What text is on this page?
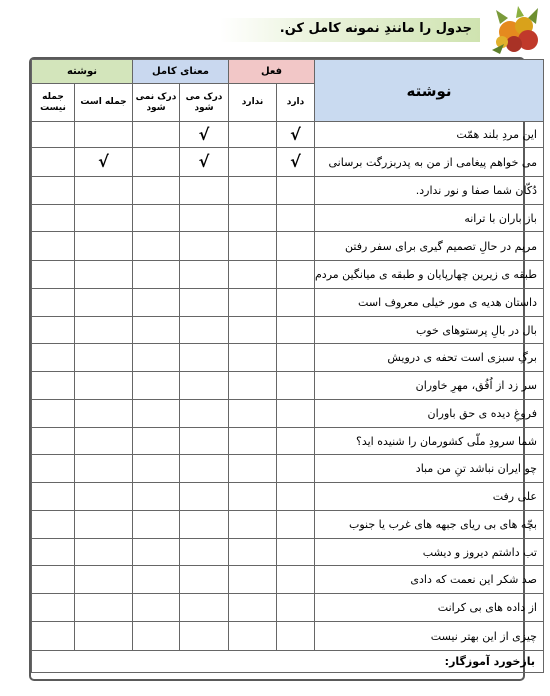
جدول را مانندِ نمونه کامل کن.
نوشته		معنای کامل		فعل		نوشته
جمله نیست	جمله است	درک نمی شود	درک می شود	ندارد	دارد	
			√		√	این مردِ بلند همّت
	√		√		√	می خواهم پیغامی از من به پدربزرگت برسانی
						دُکّان شما صفا و نور ندارد.
						باز باران با ترانه
						مریم در حالِ تصمیم گیری برای سفر رفتن
						طبقه ی زیرین چهارپایان و طبقه ی میانگین مردم
						داستان هدیه ی مور خیلی معروف است
						بال در بالِ پرستوهای خوب
						برگِ سبزی است تحفه ی درویش
						سر زد از اُفُق، مهرِ خاوران
						فروغِ دیده ی حق باوران
						شما سرودِ ملّی کشورمان را شنیده اید؟
						چو ایران نباشد تنِ من مباد
						علی رفت
						بچّه های بی ریای جبهه های غرب یا جنوب
						تب داشتم دیروز و دیشب
						صد شکر این نعمت که دادی
						از داده های بی کرانت
						چیزی از این بهتر نیست
بازخورد آموزگار:						
